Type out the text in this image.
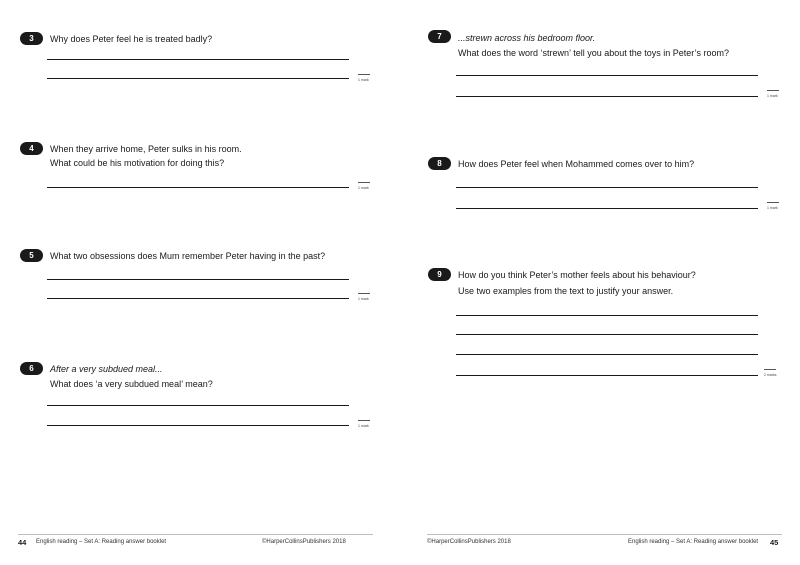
3	Why does Peter feel he is treated badly?
1 mark
4	When they arrive home, Peter sulks in his room.
What could be his motivation for doing this?
1 mark
5	What two obsessions does Mum remember Peter having in the past?
1 mark
6	After a very subdued meal...
What does ‘a very subdued meal’ mean?
1 mark
44 English reading – Set A: Reading answer booklet	©HarperCollinsPublishers 2018
7	...strewn across his bedroom floor.
What does the word ‘strewn’ tell you about the toys in Peter’s room?
1 mark
8	How does Peter feel when Mohammed comes over to him?
1 mark
9	How do you think Peter’s mother feels about his behaviour?
Use two examples from the text to justify your answer.
2 marks
©HarperCollinsPublishers 2018	English reading – Set A: Reading answer booklet 45
